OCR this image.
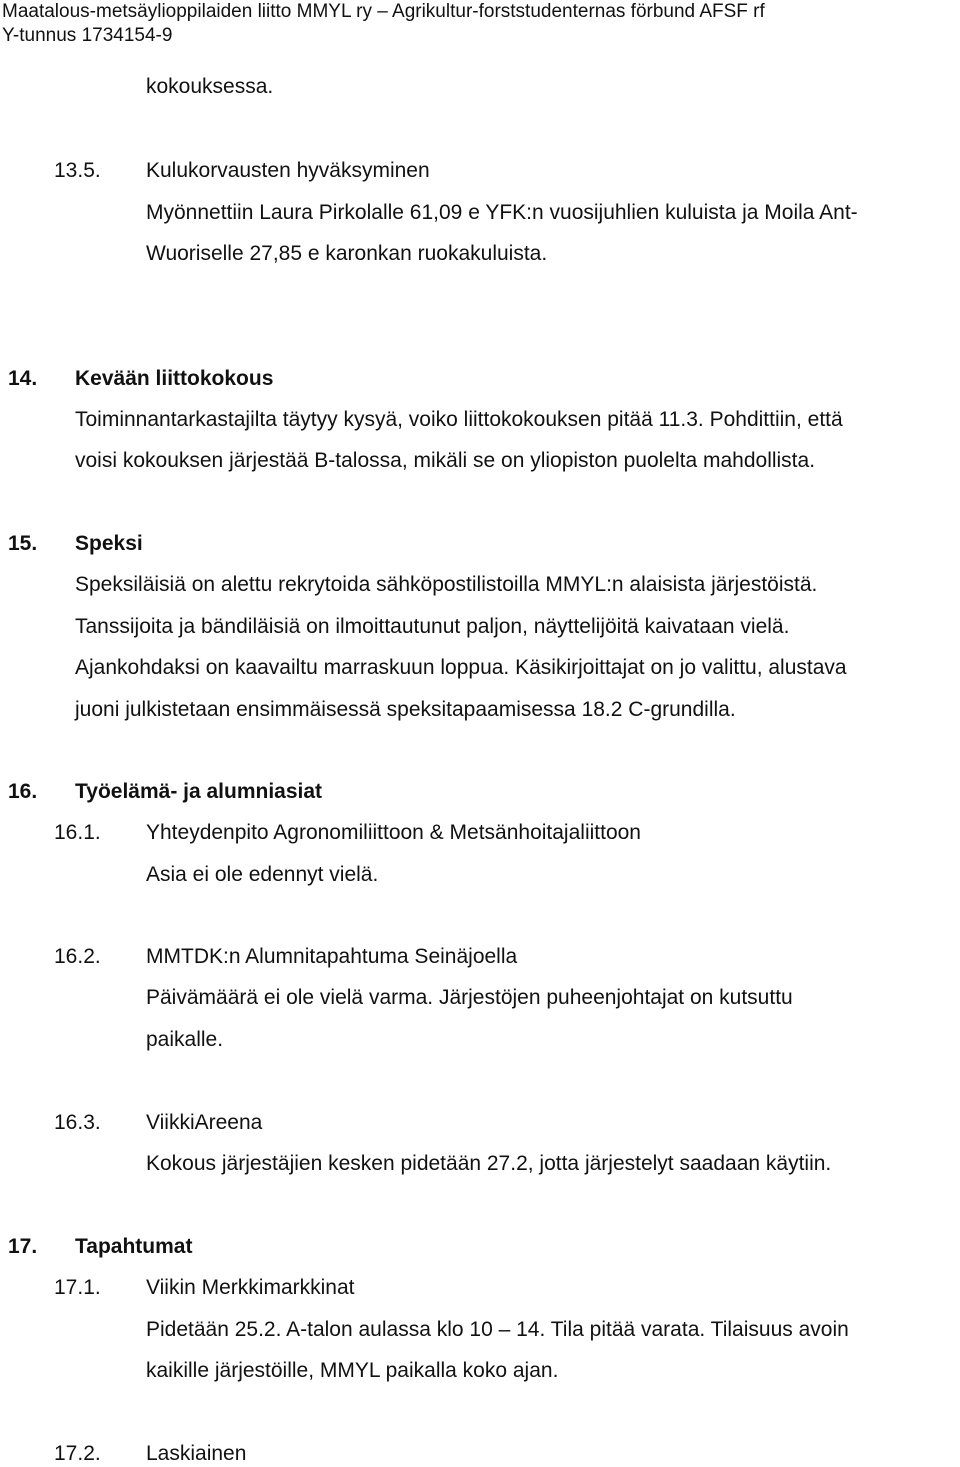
Maatalous-metsäylioppilaiden liitto MMYL ry – Agrikultur-forststudenternas förbund AFSF rf
Y-tunnus 1734154-9
kokouksessa.
13.5. Kulukorvausten hyväksyminen
Myönnettiin Laura Pirkolalle 61,09 e YFK:n vuosijuhlien kuluista ja Moila Ant-
Wuoriselle 27,85 e karonkan ruokakuluista.
14. Kevään liittokokous
Toiminnantarkastajilta täytyy kysyä, voiko liittokokouksen pitää 11.3. Pohdittiin, että
voisi kokouksen järjestää B-talossa, mikäli se on yliopiston puolelta mahdollista.
15. Speksi
Speksiläisiä on alettu rekrytoida sähköpostilistoilla MMYL:n alaisista järjestöistä.
Tanssijoita ja bändiläisiä on ilmoittautunut paljon, näyttelijöitä kaivataan vielä.
Ajankohdaksi on kaavailtu marraskuun loppua. Käsikirjoittajat on jo valittu, alustava
juoni julkistetaan ensimmäisessä speksitapaamisessa 18.2 C-grundilla.
16. Työelämä- ja alumniasiat
16.1. Yhteydenpito Agronomiliittoon & Metsänhoitajaliittoon
Asia ei ole edennyt vielä.
16.2. MMTDK:n Alumnitapahtuma Seinäjoella
Päivämäärä ei ole vielä varma. Järjestöjen puheenjohtajat on kutsuttu
paikalle.
16.3. ViikkiAreena
Kokous järjestäjien kesken pidetään 27.2, jotta järjestelyt saadaan käytiin.
17. Tapahtumat
17.1. Viikin Merkkimarkkinat
Pidetään 25.2. A-talon aulassa klo 10 – 14. Tila pitää varata. Tilaisuus avoin
kaikille järjestöille, MMYL paikalla koko ajan.
17.2. Laskiainen
